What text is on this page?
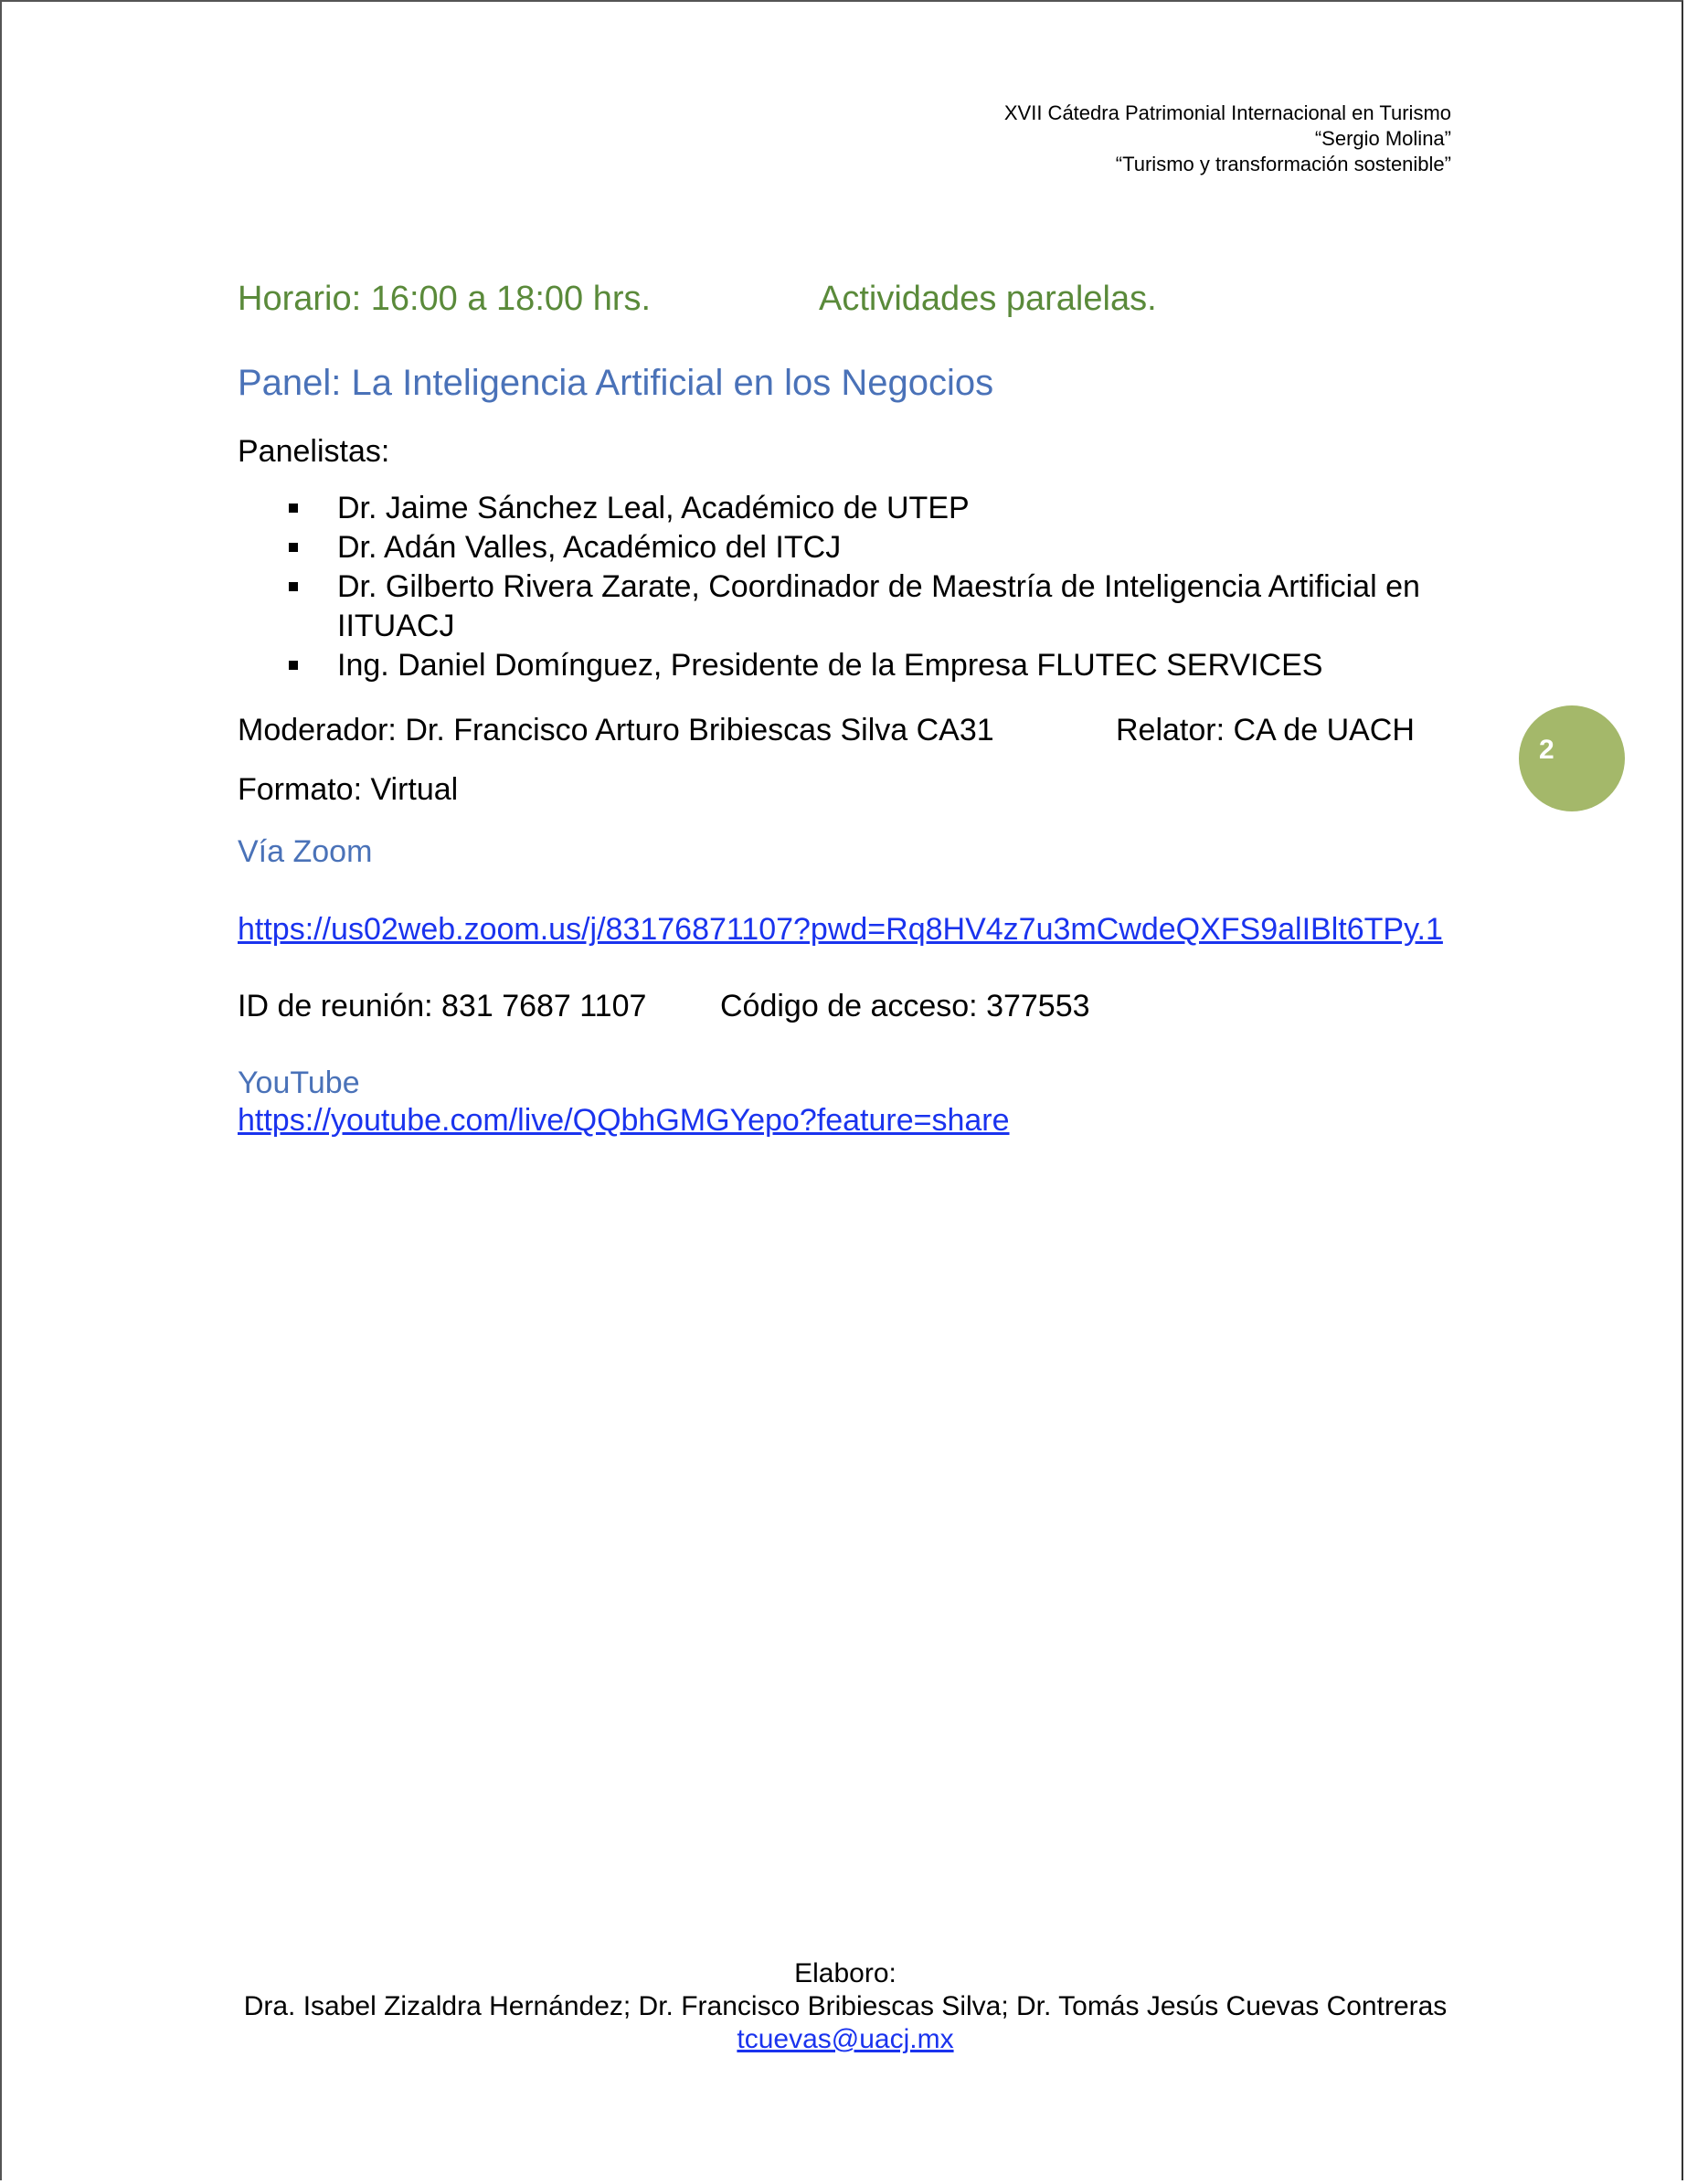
XVII Cátedra Patrimonial Internacional en Turismo
“Sergio Molina”
“Turismo y transformación sostenible”
Horario: 16:00 a 18:00 hrs.	Actividades paralelas.
Panel: La Inteligencia Artificial en los Negocios
Panelistas:
Dr. Jaime Sánchez Leal, Académico de UTEP
Dr. Adán Valles, Académico del ITCJ
Dr. Gilberto Rivera Zarate, Coordinador de Maestría de Inteligencia Artificial en IITUACJ
Ing. Daniel Domínguez, Presidente de la Empresa FLUTEC SERVICES
Moderador: Dr. Francisco Arturo Bribiescas Silva CA31	Relator: CA de UACH
2
Formato: Virtual
Vía Zoom
https://us02web.zoom.us/j/83176871107?pwd=Rq8HV4z7u3mCwdeQXFS9alIBlt6TPy.1
ID de reunión: 831 7687 1107 Código de acceso: 377553
YouTube
https://youtube.com/live/QQbhGMGYepo?feature=share
Elaboro:
Dra. Isabel Zizaldra Hernández; Dr. Francisco Bribiescas Silva; Dr. Tomás Jesús Cuevas Contreras
tcuevas@uacj.mx
